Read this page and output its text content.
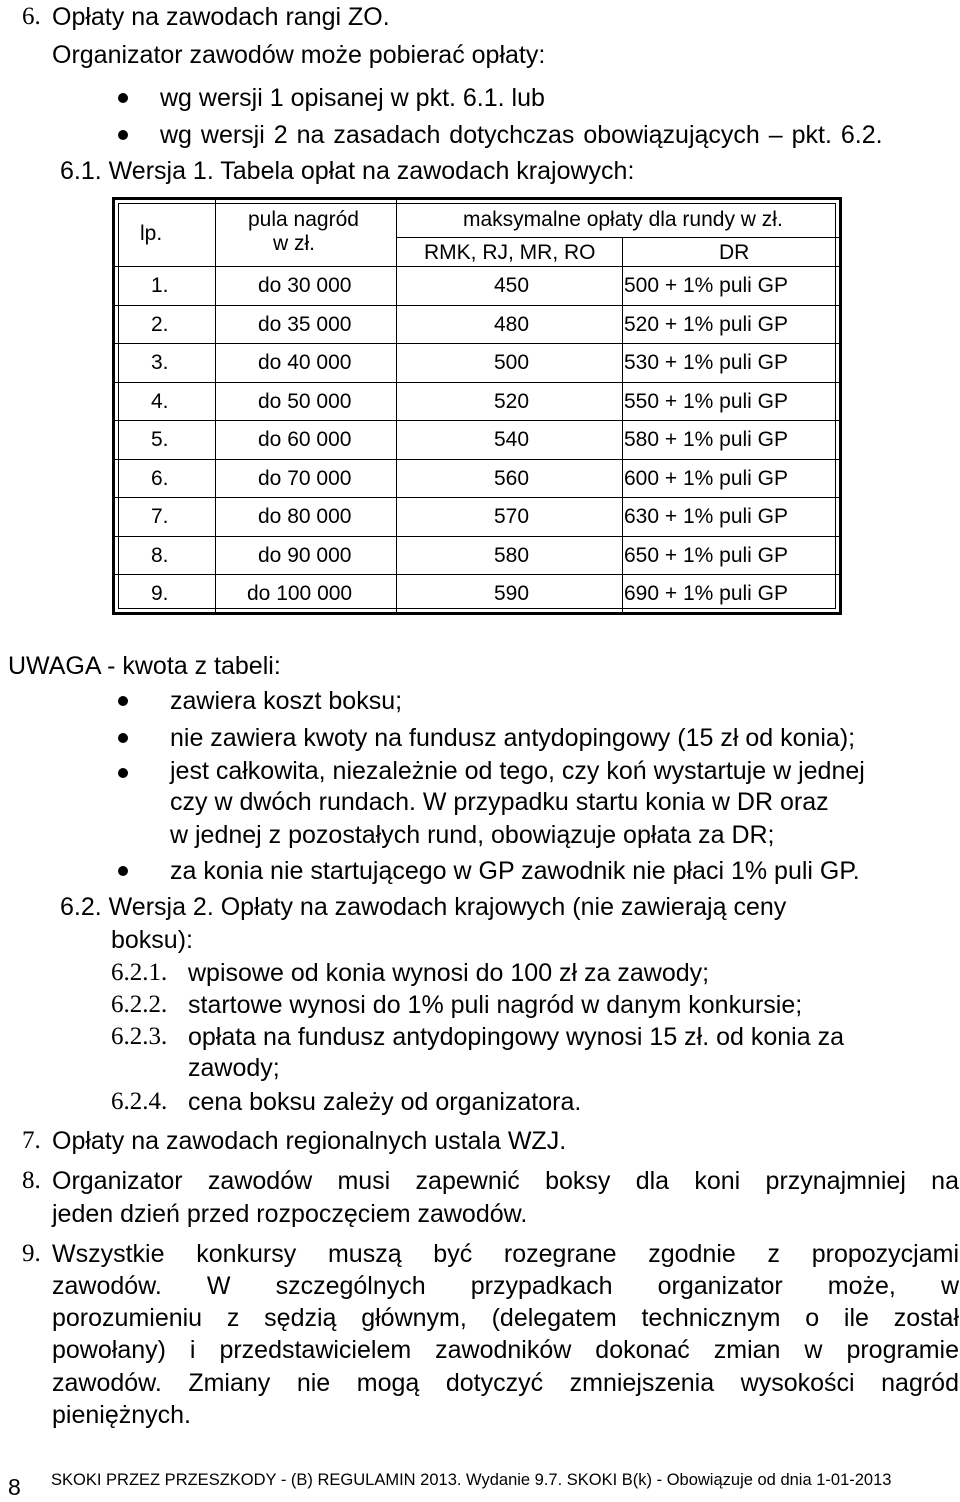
6. Opłaty na zawodach rangi ZO.
Organizator zawodów może pobierać opłaty:
wg wersji 1 opisanej w pkt. 6.1. lub
wg wersji 2 na zasadach dotychczas obowiązujących – pkt. 6.2.
6.1. Wersja 1. Tabela opłat na zawodach krajowych:
lp.
pula nagród
w zł.
maksymalne opłaty dla rundy w zł.
RMK, RJ, MR, RO	DR
1.	do 30 000	450	500 + 1% puli GP
2.	do 35 000	480	520 + 1% puli GP
3.	do 40 000	500	530 + 1% puli GP
4.	do 50 000	520	550 + 1% puli GP
5.	do 60 000	540	580 + 1% puli GP
6.	do 70 000	560	600 + 1% puli GP
7.	do 80 000	570	630 + 1% puli GP
8.	do 90 000	580	650 + 1% puli GP
9.	do 100 000	590	690 + 1% puli GP
UWAGA - kwota z tabeli:
zawiera koszt boksu;
nie zawiera kwoty na fundusz antydopingowy (15 zł od konia);
jest całkowita, niezależnie od tego, czy koń wystartuje w jednej
czy w dwóch rundach. W przypadku startu konia w DR oraz
w jednej z pozostałych rund, obowiązuje opłata za DR;
za konia nie startującego w GP zawodnik nie płaci 1% puli GP.
6.2. Wersja 2. Opłaty na zawodach krajowych (nie zawierają ceny
boksu):
6.2.1. wpisowe od konia wynosi do 100 zł za zawody;
6.2.2. startowe wynosi do 1% puli nagród w danym konkursie;
6.2.3. opłata na fundusz antydopingowy wynosi 15 zł. od konia za
zawody;
6.2.4. cena boksu zależy od organizatora.
7. Opłaty na zawodach regionalnych ustala WZJ.
8. Organizator zawodów musi zapewnić boksy dla koni przynajmniej na
jeden dzień przed rozpoczęciem zawodów.
9. Wszystkie konkursy muszą być rozegrane zgodnie z propozycjami
zawodów. W szczególnych przypadkach organizator może, w
porozumieniu z sędzią głównym, (delegatem technicznym o ile został
powołany) i przedstawicielem zawodników dokonać zmian w programie
zawodów. Zmiany nie mogą dotyczyć zmniejszenia wysokości nagród
pieniężnych.
8 SKOKI PRZEZ PRZESZKODY - (B) REGULAMIN 2013. Wydanie 9.7. SKOKI B(k) - Obowiązuje od dnia 1-01-2013
